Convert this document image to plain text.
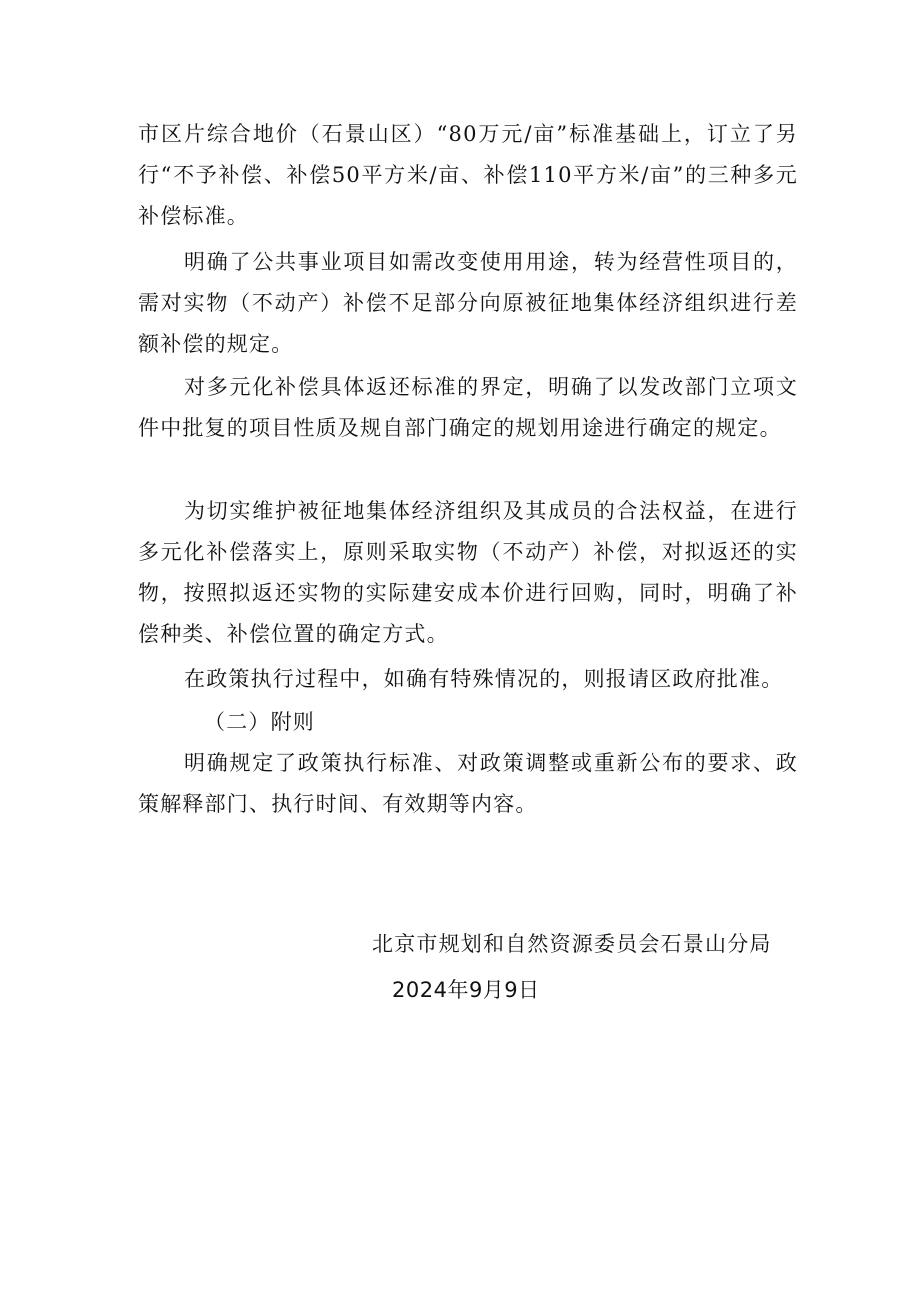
市区片综合地价（石景山区）“80万元/亩”标准基础上，订立了另行“不予补偿、补偿50平方米/亩、补偿110平方米/亩”的三种多元补偿标准。

明确了公共事业项目如需改变使用用途，转为经营性项目的，需对实物（不动产）补偿不足部分向原被征地集体经济组织进行差额补偿的规定。

对多元化补偿具体返还标准的界定，明确了以发改部门立项文件中批复的项目性质及规自部门确定的规划用途进行确定的规定。

为切实维护被征地集体经济组织及其成员的合法权益，在进行多元化补偿落实上，原则采取实物（不动产）补偿，对拟返还的实物，按照拟返还实物的实际建安成本价进行回购，同时，明确了补偿种类、补偿位置的确定方式。

在政策执行过程中，如确有特殊情况的，则报请区政府批准。

（二）附则

明确规定了政策执行标准、对政策调整或重新公布的要求、政策解释部门、执行时间、有效期等内容。

北京市规划和自然资源委员会石景山分局

2024年9月9日
